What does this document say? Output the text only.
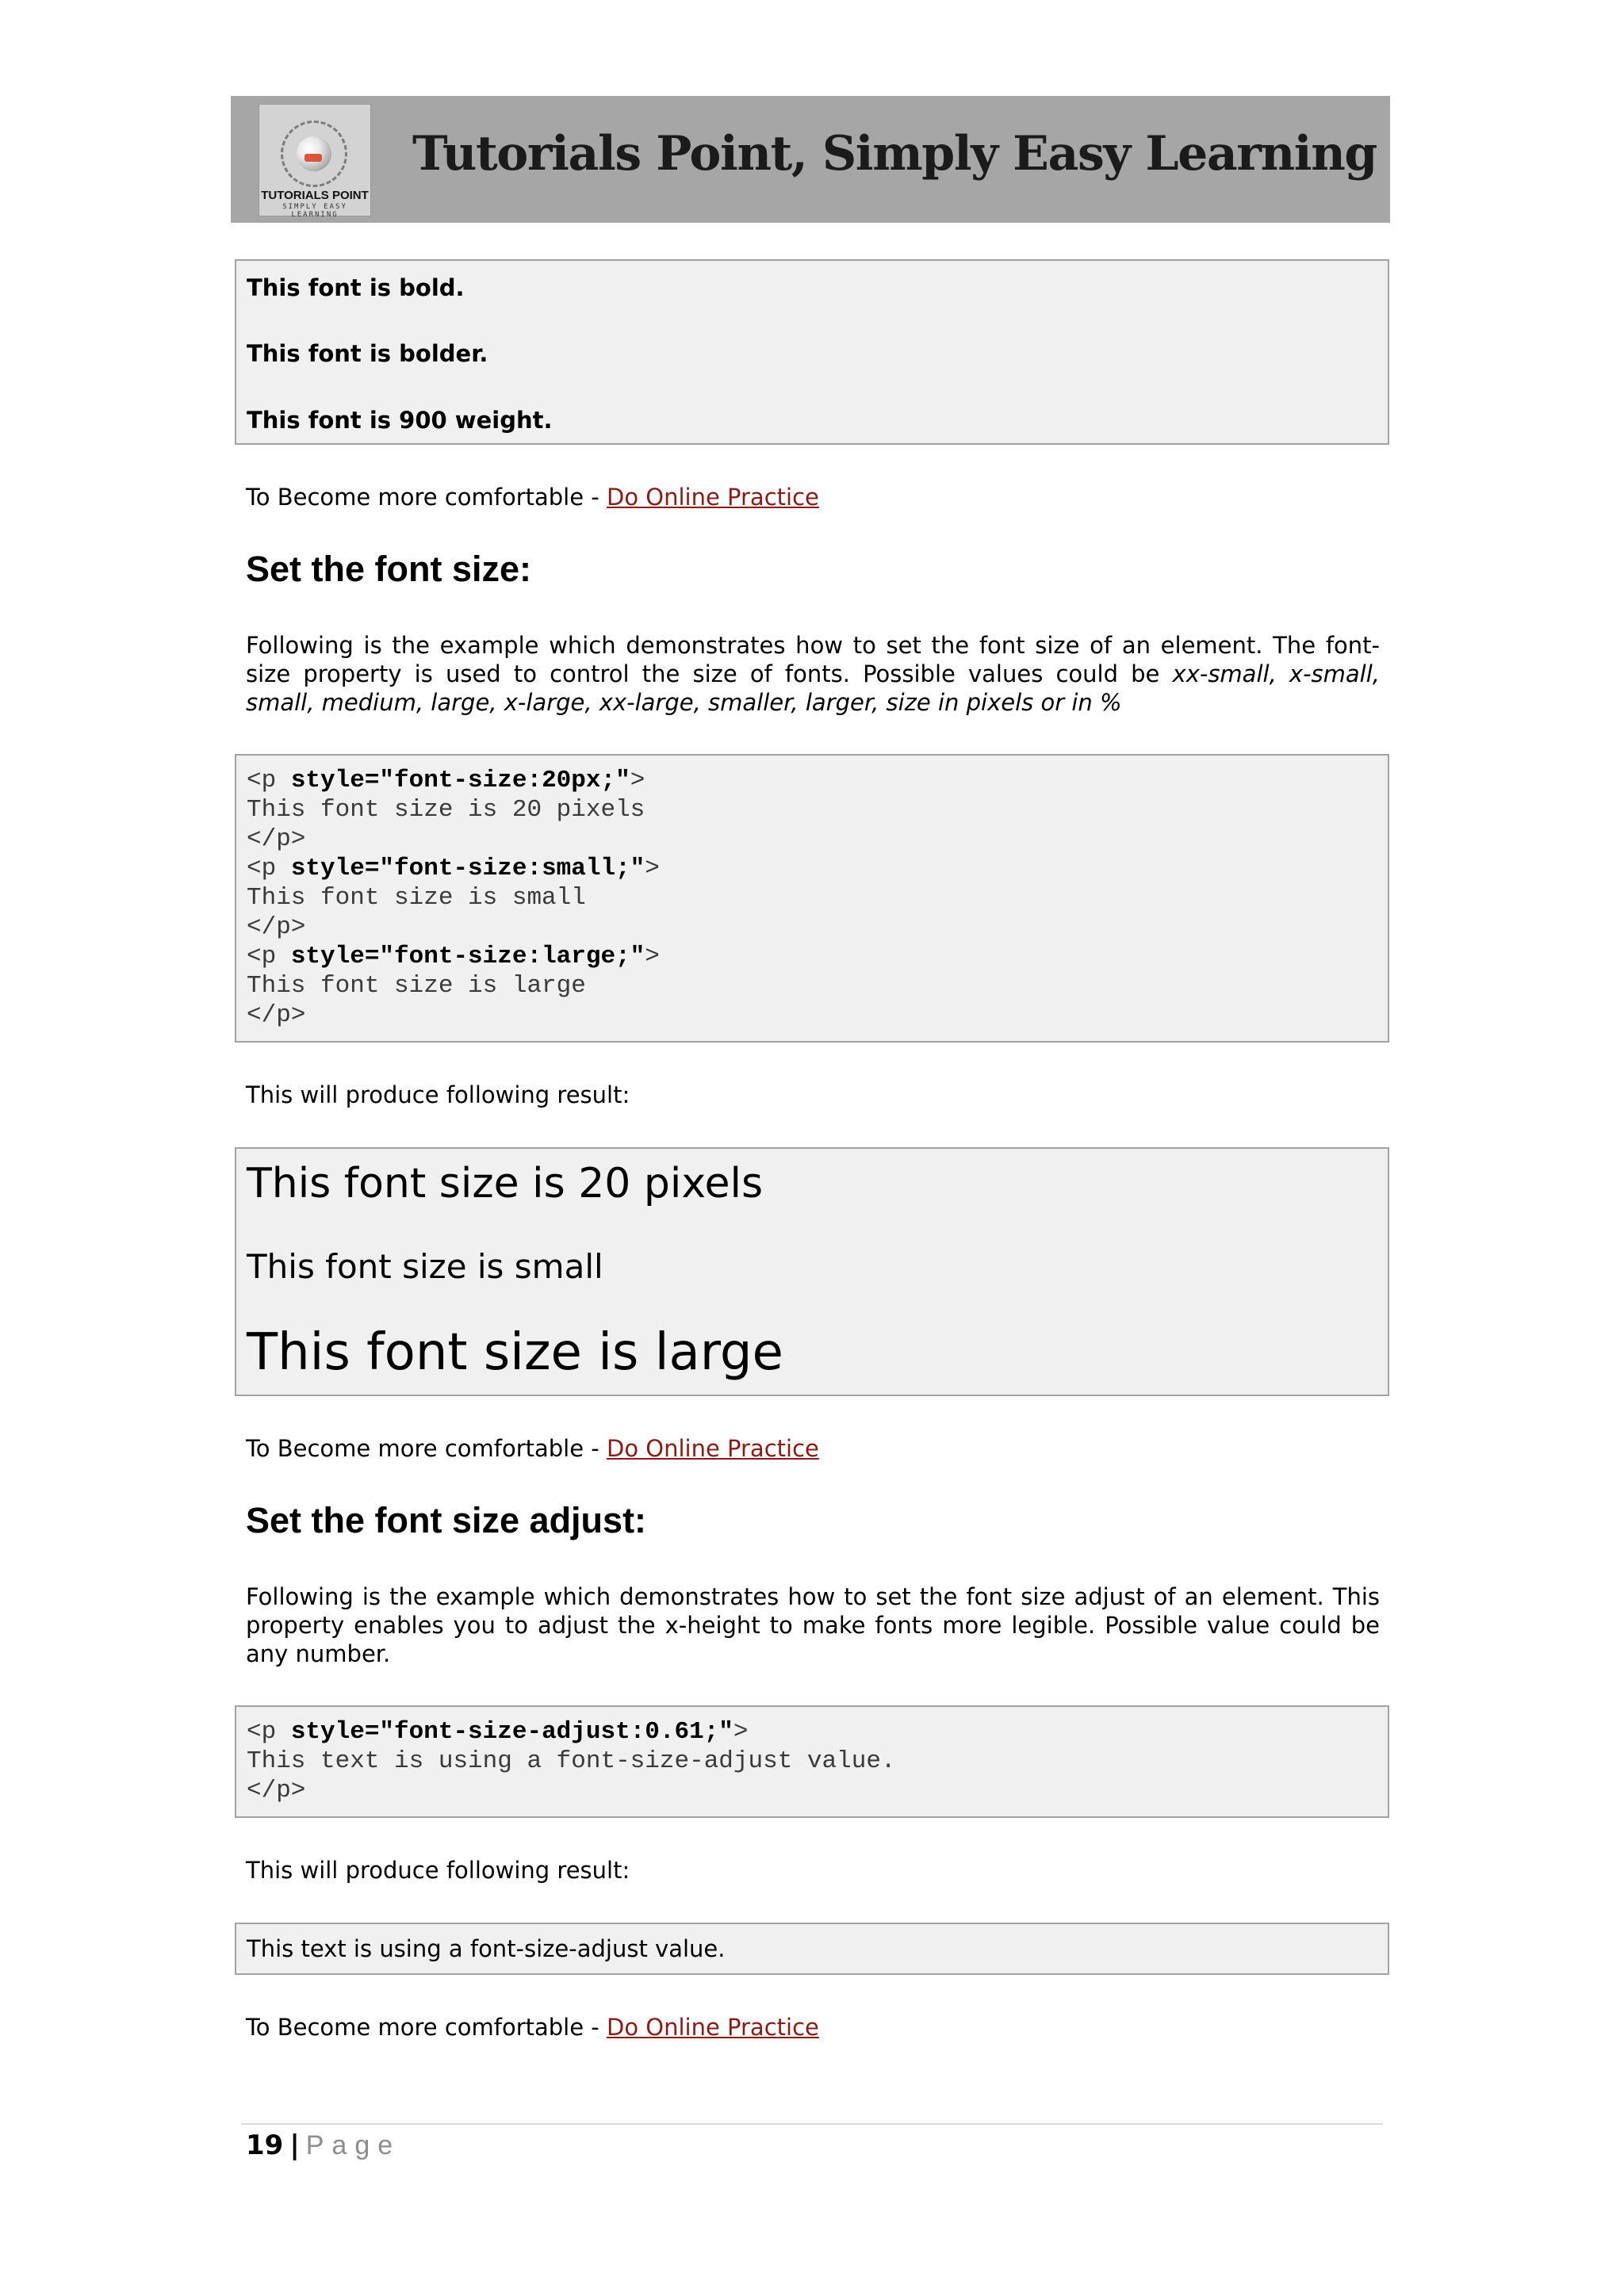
TUTORIALS POINT
SIMPLY EASY LEARNING
Tutorials Point, Simply Easy Learning
This font is bold.
This font is bolder.
This font is 900 weight.
To Become more comfortable - Do Online Practice
Set the font size:
Following is the example which demonstrates how to set the font size of an element. The font-
size property is used to control the size of fonts. Possible values could be xx-small, x-small,
small, medium, large, x-large, xx-large, smaller, larger, size in pixels or in %
<p style="font-size:20px;">
This font size is 20 pixels
</p>
<p style="font-size:small;">
This font size is small
</p>
<p style="font-size:large;">
This font size is large
</p>
This will produce following result:
This font size is 20 pixels
This font size is small
This font size is large
To Become more comfortable - Do Online Practice
Set the font size adjust:
Following is the example which demonstrates how to set the font size adjust of an element. This
property enables you to adjust the x-height to make fonts more legible. Possible value could be
any number.
<p style="font-size-adjust:0.61;">
This text is using a font-size-adjust value.
</p>
This will produce following result:
This text is using a font-size-adjust value.
To Become more comfortable - Do Online Practice
19 | Page
